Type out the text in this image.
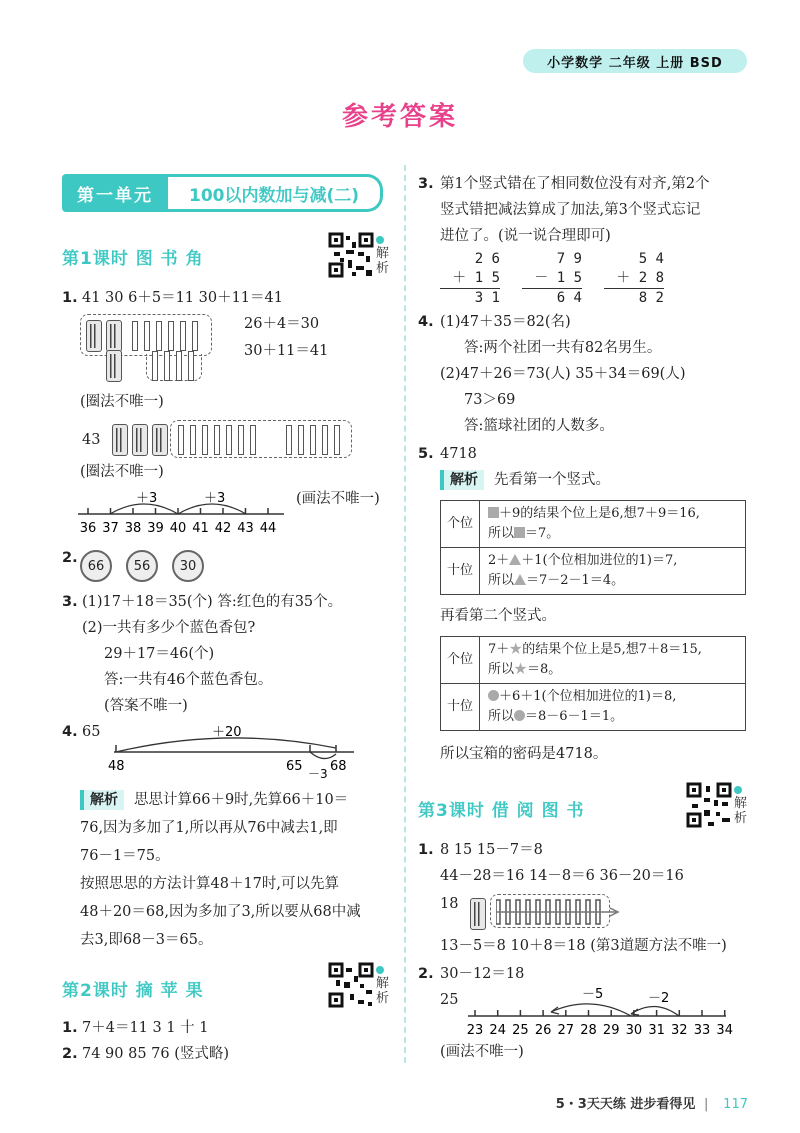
小学数学 二年级 上册 BSD
参考答案
第一单元	100以内数加与减(二)
第1课时 图 书 角	解
析
1. 41 30 6＋5＝11 30＋11＝41
26＋4＝30
30＋11＝41
(圈法不唯一)
43
(圈法不唯一)
36 37 38 39 40 41 42 43 44
＋3	＋3	(画法不唯一)
2. 66	56	30
3. (1)17＋18＝35(个) 答:红色的有35个。
(2)一共有多少个蓝色香包?
29＋17＝46(个)
答:一共有46个蓝色香包。
(答案不唯一)
4. 65	＋20
48	65 68
－3
解析 思思计算66＋9时,先算66＋10＝
76,因为多加了1,所以再从76中减去1,即
76－1＝75。
按照思思的方法计算48＋17时,可以先算
48＋20＝68,因为多加了3,所以要从68中减
去3,即68－3＝65。
第2课时 摘 苹 果	解
析
1. 7＋4＝11 3 1 十 1
2. 74 90 85 76 (竖式略)
3. 第1个竖式错在了相同数位没有对齐,第2个
竖式错把减法算成了加法,第3个竖式忘记
进位了。(说一说合理即可)
2 6
＋ 1 5
3 1
7 9
－ 1 5
6 4
5 4
＋ 2 8
8 2
4. (1)47＋35＝82(名)
答:两个社团一共有82名男生。
(2)47＋26＝73(人) 35＋34＝69(人)
73＞69
答:篮球社团的人数多。
5. 4718
解析 先看第一个竖式。
个位	＋9的结果个位上是6,想7＋9＝16,
所以 ＝7。
十位	2＋ ＋1(个位相加进位的1)＝7,
所以 ＝7－2－1＝4。
再看第二个竖式。
个位	7＋★的结果个位上是5,想7＋8＝15,
所以★＝8。
十位	＋6＋1(个位相加进位的1)＝8,
所以 ＝8－6－1＝1。
所以宝箱的密码是4718。
第3课时 借 阅 图 书	解
析
1. 8 15 15－7＝8
44－28＝16 14－8＝6 36－20＝16
18
13－5＝8 10＋8＝18 (第3道题方法不唯一)
2. 30－12＝18
25
23 24 25 26 27 28 29 30 31 32 33 34
－5	－2
(画法不唯一)
5・3天天练 进步看得见 | 117
